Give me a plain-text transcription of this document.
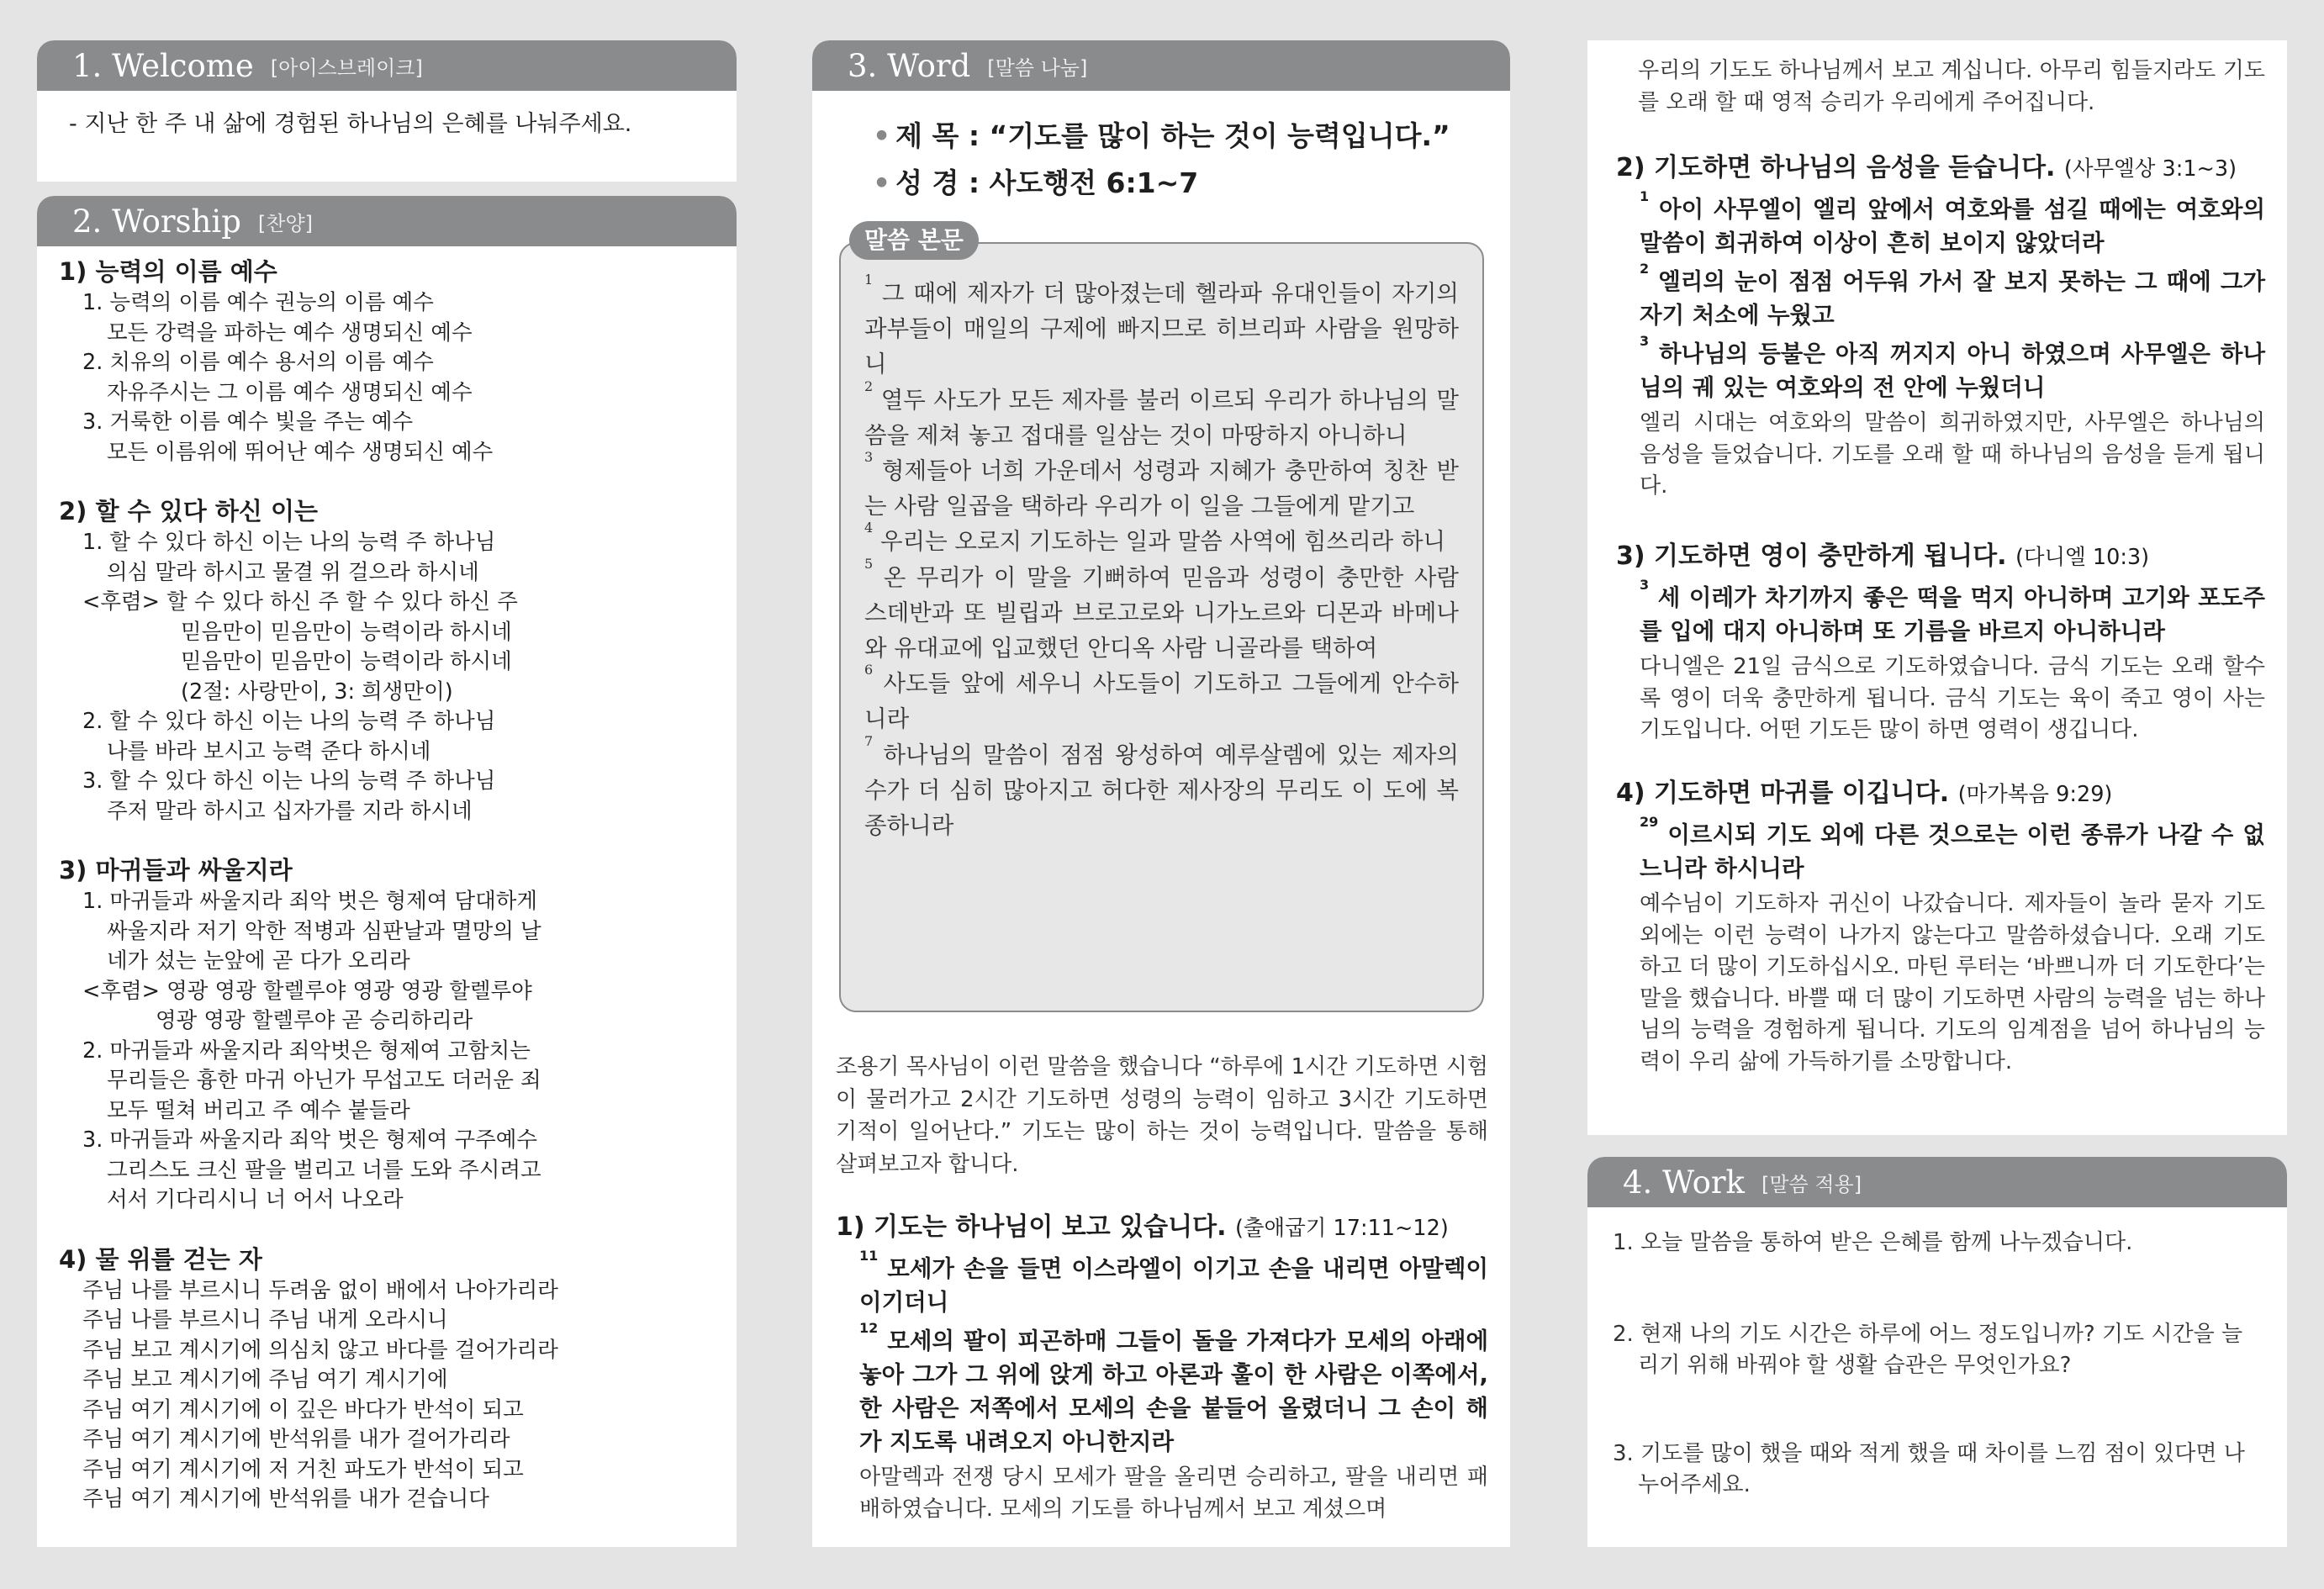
1. Welcome [아이스브레이크]

- 지난 한 주 내 삶에 경험된 하나님의 은혜를 나눠주세요.

2. Worship [찬양]

1) 능력의 이름 예수

1. 능력의 이름 예수 권능의 이름 예수

모든 강력을 파하는 예수 생명되신 예수

2. 치유의 이름 예수 용서의 이름 예수

자유주시는 그 이름 예수 생명되신 예수

3. 거룩한 이름 예수 빛을 주는 예수

모든 이름위에 뛰어난 예수 생명되신 예수

2) 할 수 있다 하신 이는

1. 할 수 있다 하신 이는 나의 능력 주 하나님

의심 말라 하시고 물결 위 걸으라 하시네

<후렴> 할 수 있다 하신 주 할 수 있다 하신 주

믿음만이 믿음만이 능력이라 하시네

믿음만이 믿음만이 능력이라 하시네

(2절: 사랑만이, 3: 희생만이)

2. 할 수 있다 하신 이는 나의 능력 주 하나님

나를 바라 보시고 능력 준다 하시네

3. 할 수 있다 하신 이는 나의 능력 주 하나님

주저 말라 하시고 십자가를 지라 하시네

3) 마귀들과 싸울지라

1. 마귀들과 싸울지라 죄악 벗은 형제여 담대하게

싸울지라 저기 악한 적병과 심판날과 멸망의 날

네가 섰는 눈앞에 곧 다가 오리라

<후렴> 영광 영광 할렐루야 영광 영광 할렐루야

영광 영광 할렐루야 곧 승리하리라

2. 마귀들과 싸울지라 죄악벗은 형제여 고함치는

무리들은 흉한 마귀 아닌가 무섭고도 더러운 죄

모두 떨쳐 버리고 주 예수 붙들라

3. 마귀들과 싸울지라 죄악 벗은 형제여 구주예수

그리스도 크신 팔을 벌리고 너를 도와 주시려고

서서 기다리시니 너 어서 나오라

4) 물 위를 걷는 자

주님 나를 부르시니 두려움 없이 배에서 나아가리라

주님 나를 부르시니 주님 내게 오라시니

주님 보고 계시기에 의심치 않고 바다를 걸어가리라

주님 보고 계시기에 주님 여기 계시기에

주님 여기 계시기에 이 깊은 바다가 반석이 되고

주님 여기 계시기에 반석위를 내가 걸어가리라

주님 여기 계시기에 저 거친 파도가 반석이 되고

주님 여기 계시기에 반석위를 내가 걷습니다

3. Word [말씀 나눔]

• 제 목 : “기도를 많이 하는 것이 능력입니다.”

• 성 경 : 사도행전 6:1~7

$^1$ 그 때에 제자가 더 많아졌는데 헬라파 유대인들이 자기의 과부들이 매일의 구제에 빠지므로 히브리파 사람을 원망하니

$^2$ 열두 사도가 모든 제자를 불러 이르되 우리가 하나님의 말씀을 제쳐 놓고 접대를 일삼는 것이 마땅하지 아니하니

$^3$ 형제들아 너희 가운데서 성령과 지혜가 충만하여 칭찬 받는 사람 일곱을 택하라 우리가 이 일을 그들에게 맡기고

$^4$ 우리는 오로지 기도하는 일과 말씀 사역에 힘쓰리라 하니

$^5$ 온 무리가 이 말을 기뻐하여 믿음과 성령이 충만한 사람 스데반과 또 빌립과 브로고로와 니가노르와 디몬과 바메나와 유대교에 입교했던 안디옥 사람 니골라를 택하여

$^6$ 사도들 앞에 세우니 사도들이 기도하고 그들에게 안수하니라

$^7$ 하나님의 말씀이 점점 왕성하여 예루살렘에 있는 제자의 수가 더 심히 많아지고 허다한 제사장의 무리도 이 도에 복종하니라

말씀 본문

조용기 목사님이 이런 말씀을 했습니다 “하루에 1시간 기도하면 시험이 물러가고 2시간 기도하면 성령의 능력이 임하고 3시간 기도하면 기적이 일어난다.” 기도는 많이 하는 것이 능력입니다. 말씀을 통해 살펴보고자 합니다.

1) 기도는 하나님이 보고 있습니다. (출애굽기 17:11~12)

$^{11}$ 모세가 손을 들면 이스라엘이 이기고 손을 내리면 아말렉이 이기더니

$^{12}$ 모세의 팔이 피곤하매 그들이 돌을 가져다가 모세의 아래에 놓아 그가 그 위에 앉게 하고 아론과 훌이 한 사람은 이쪽에서, 한 사람은 저쪽에서 모세의 손을 붙들어 올렸더니 그 손이 해가 지도록 내려오지 아니한지라

아말렉과 전쟁 당시 모세가 팔을 올리면 승리하고, 팔을 내리면 패배하였습니다. 모세의 기도를 하나님께서 보고 계셨으며

우리의 기도도 하나님께서 보고 계십니다. 아무리 힘들지라도 기도를 오래 할 때 영적 승리가 우리에게 주어집니다.

2) 기도하면 하나님의 음성을 듣습니다. (사무엘상 3:1~3)

$^1$ 아이 사무엘이 엘리 앞에서 여호와를 섬길 때에는 여호와의 말씀이 희귀하여 이상이 흔히 보이지 않았더라

$^2$ 엘리의 눈이 점점 어두워 가서 잘 보지 못하는 그 때에 그가 자기 처소에 누웠고

$^3$ 하나님의 등불은 아직 꺼지지 아니 하였으며 사무엘은 하나님의 궤 있는 여호와의 전 안에 누웠더니

엘리 시대는 여호와의 말씀이 희귀하였지만, 사무엘은 하나님의 음성을 들었습니다. 기도를 오래 할 때 하나님의 음성을 듣게 됩니다.

3) 기도하면 영이 충만하게 됩니다. (다니엘 10:3)

$^3$ 세 이레가 차기까지 좋은 떡을 먹지 아니하며 고기와 포도주를 입에 대지 아니하며 또 기름을 바르지 아니하니라

다니엘은 21일 금식으로 기도하였습니다. 금식 기도는 오래 할수록 영이 더욱 충만하게 됩니다. 금식 기도는 육이 죽고 영이 사는 기도입니다. 어떤 기도든 많이 하면 영력이 생깁니다.

4) 기도하면 마귀를 이깁니다. (마가복음 9:29)

$^{29}$ 이르시되 기도 외에 다른 것으로는 이런 종류가 나갈 수 없느니라 하시니라

예수님이 기도하자 귀신이 나갔습니다. 제자들이 놀라 묻자 기도 외에는 이런 능력이 나가지 않는다고 말씀하셨습니다. 오래 기도하고 더 많이 기도하십시오. 마틴 루터는 ‘바쁘니까 더 기도한다’는 말을 했습니다. 바쁠 때 더 많이 기도하면 사람의 능력을 넘는 하나님의 능력을 경험하게 됩니다. 기도의 임계점을 넘어 하나님의 능력이 우리 삶에 가득하기를 소망합니다.

4. Work [말씀 적용]

1. 오늘 말씀을 통하여 받은 은혜를 함께 나누겠습니다.

2. 현재 나의 기도 시간은 하루에 어느 정도입니까? 기도 시간을 늘리기 위해 바꿔야 할 생활 습관은 무엇인가요?

3. 기도를 많이 했을 때와 적게 했을 때 차이를 느낌 점이 있다면 나누어주세요.
